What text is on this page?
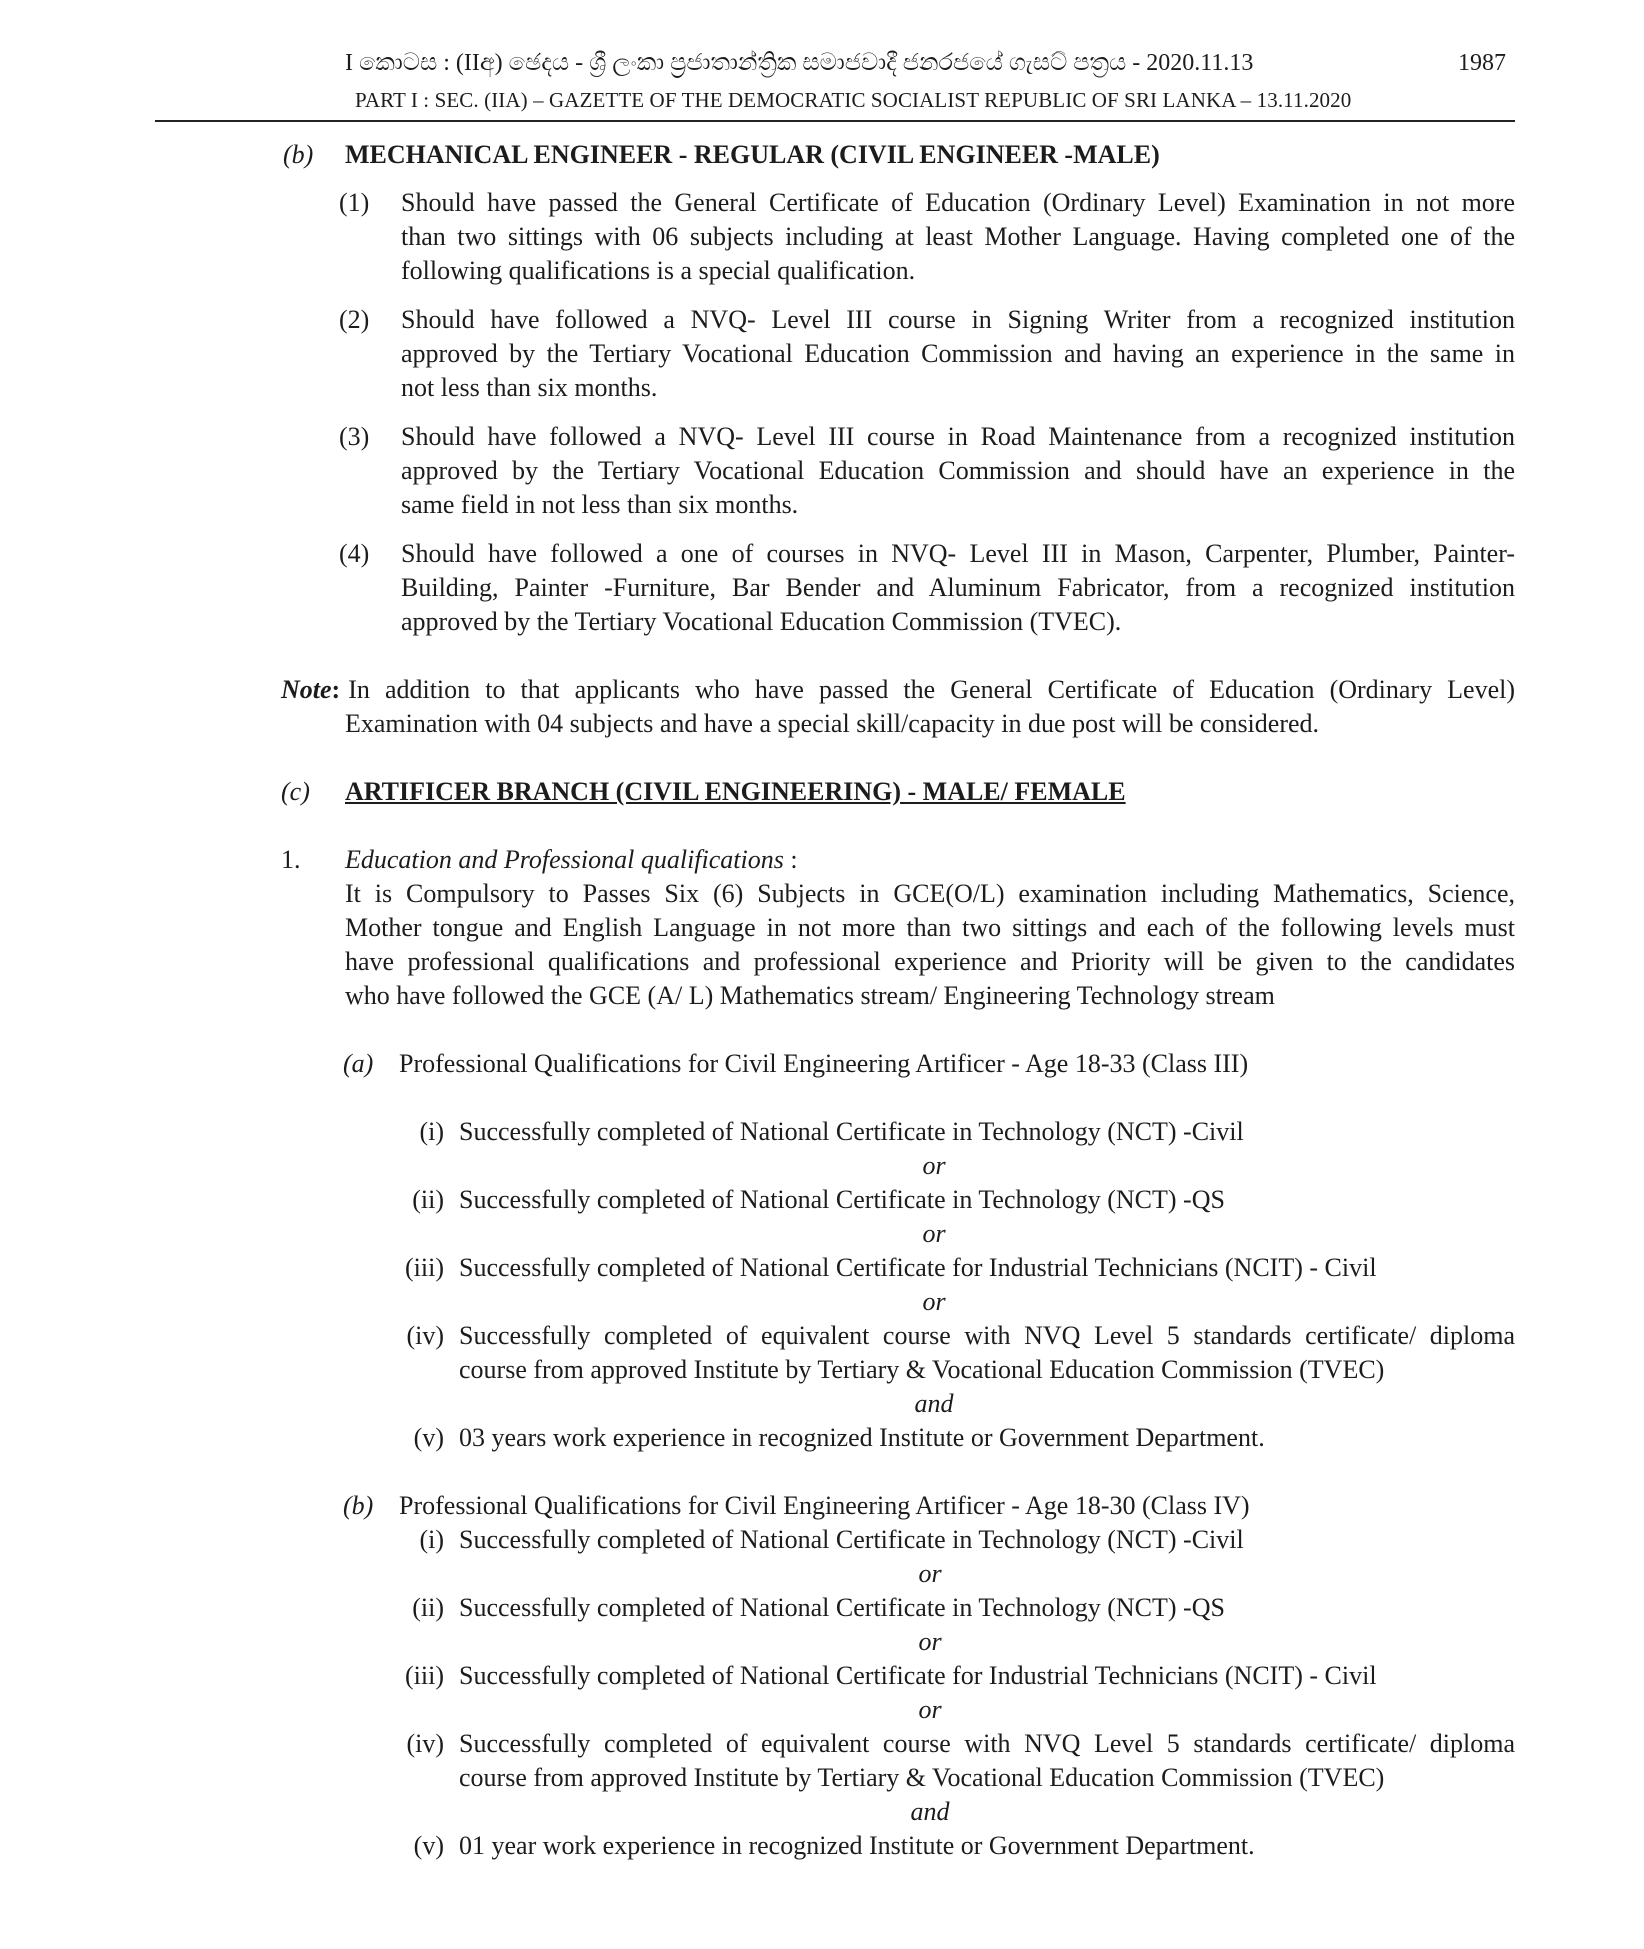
I කොටස : (IIඅ) ඡෙදය - ශ්‍රී ලංකා ප්‍රජාතාන්ත්‍රික සමාජවාදී ජනරජයේ ගැසට් පත්‍රය - 2020.11.13	1987
PART I : SEC. (IIA) – GAZETTE OF THE DEMOCRATIC SOCIALIST REPUBLIC OF SRI LANKA – 13.11.2020
(b) MECHANICAL ENGINEER - REGULAR (CIVIL ENGINEER -MALE)
(1) Should have passed the General Certificate of Education (Ordinary Level) Examination in not more
than two sittings with 06 subjects including at least Mother Language. Having completed one of the
following qualifications is a special qualification.
(2) Should have followed a NVQ- Level III course in Signing Writer from a recognized institution
approved by the Tertiary Vocational Education Commission and having an experience in the same in
not less than six months.
(3) Should have followed a NVQ- Level III course in Road Maintenance from a recognized institution
approved by the Tertiary Vocational Education Commission and should have an experience in the
same field in not less than six months.
(4) Should have followed a one of courses in NVQ- Level III in Mason, Carpenter, Plumber, Painter-
Building, Painter -Furniture, Bar Bender and Aluminum Fabricator, from a recognized institution
approved by the Tertiary Vocational Education Commission (TVEC).
Note : In addition to that applicants who have passed the General Certificate of Education (Ordinary Level)
Examination with 04 subjects and have a special skill/capacity in due post will be considered.
(c) ARTIFICER BRANCH (CIVIL ENGINEERING) - MALE/ FEMALE
1. Education and Professional qualifications :
It is Compulsory to Passes Six (6) Subjects in GCE(O/L) examination including Mathematics, Science,
Mother tongue and English Language in not more than two sittings and each of the following levels must
have professional qualifications and professional experience and Priority will be given to the candidates
who have followed the GCE (A/ L) Mathematics stream/ Engineering Technology stream
(a) Professional Qualifications for Civil Engineering Artificer - Age 18-33 (Class III)
(i) Successfully completed of National Certificate in Technology (NCT) -Civil
or
(ii) Successfully completed of National Certificate in Technology (NCT) -QS
or
(iii) Successfully completed of National Certificate for Industrial Technicians (NCIT) - Civil
or
(iv) Successfully completed of equivalent course with NVQ Level 5 standards certificate/ diploma
course from approved Institute by Tertiary & Vocational Education Commission (TVEC)
and
(v) 03 years work experience in recognized Institute or Government Department.
(b) Professional Qualifications for Civil Engineering Artificer - Age 18-30 (Class IV)
(i) Successfully completed of National Certificate in Technology (NCT) -Civil
or
(ii) Successfully completed of National Certificate in Technology (NCT) -QS
or
(iii) Successfully completed of National Certificate for Industrial Technicians (NCIT) - Civil
or
(iv) Successfully completed of equivalent course with NVQ Level 5 standards certificate/ diploma
course from approved Institute by Tertiary & Vocational Education Commission (TVEC)
and
(v) 01 year work experience in recognized Institute or Government Department.
